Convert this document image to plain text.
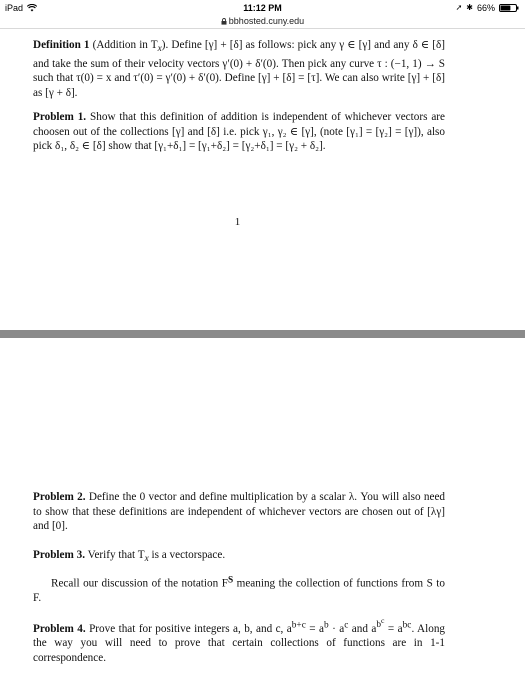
iPad	11:12 PM	➚ ✱ 66%
bbhosted.cuny.edu

Definition 1 (Addition in $T_x$). Define [γ] + [δ] as follows: pick any γ ∈ [γ] and any δ ∈ [δ] and take the sum of their velocity vectors γ′(0) + δ′(0). Then pick any curve τ : (−1, 1) → S such that τ(0) = x and τ′(0) = γ′(0) + δ′(0). Define [γ] + [δ] = [τ]. We can also write [γ] + [δ] as [γ + δ].

Problem 1. Show that this definition of addition is independent of whichever vectors are choosen out of the collections [γ] and [δ] i.e. pick γ₁, γ₂ ∈ [γ], (note [γ₁] = [γ₂] = [γ]), also pick δ₁, δ₂ ∈ [δ] show that [γ₁+δ₁] = [γ₁+δ₂] = [γ₂+δ₁] = [γ₂ + δ₂].

1

Problem 2. Define the 0 vector and define multiplication by a scalar λ. You will also need to show that these definitions are independent of whichever vectors are chosen out of [λγ] and [0].

Problem 3. Verify that $T_x$ is a vectorspace.

Recall our discussion of the notation $F^S$ meaning the collection of functions from S to F.

Problem 4. Prove that for positive integers a, b, and c, $a^{b+c} = a^b \cdot a^c$ and $a^{b^c} = a^{bc}$. Along the way you will need to prove that certain collections of functions are in 1-1 correspondence.
